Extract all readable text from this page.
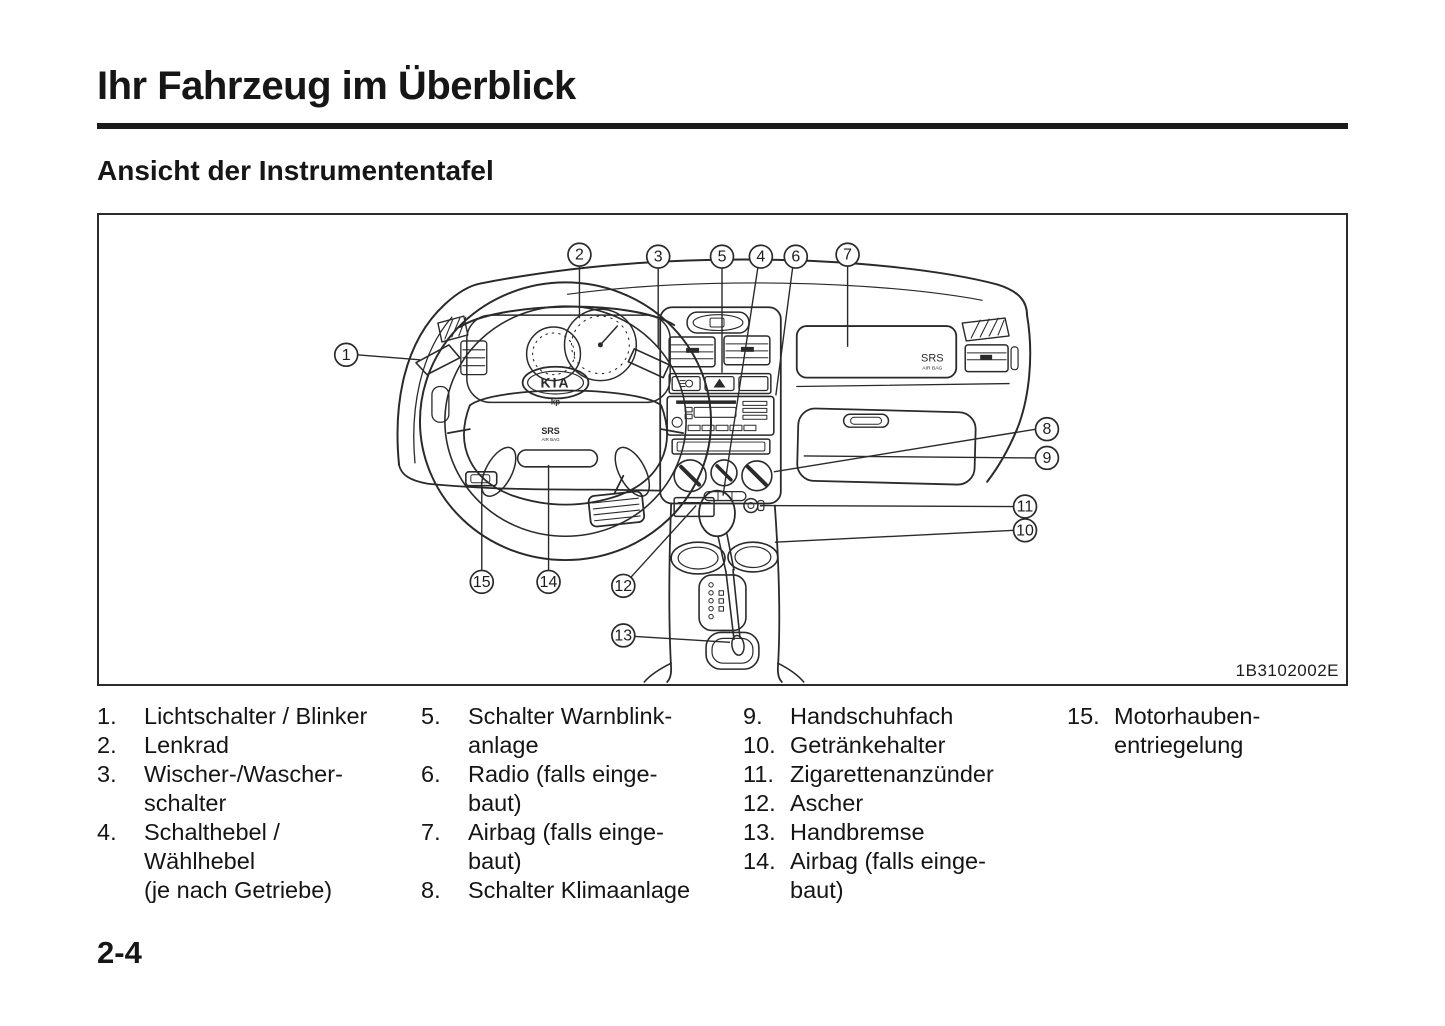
Ihr Fahrzeug im Überblick
Ansicht der Instrumententafel
KIA
kp
SRS
AIR BAG
SRS
AIR BAG
1
2	3	5 4 6	7
8
9
11
10
12
13
14
15
1B3102002E
1.	Lichtschalter / Blinker
2.	Lenkrad
3.	Wischer-/Wascher-
schalter
4.	Schalthebel /
Wählhebel
(je nach Getriebe)
5.	Schalter Warnblink-
anlage
6.	Radio (falls einge-
baut)
7.	Airbag (falls einge-
baut)
8.	Schalter Klimaanlage
9.	Handschuhfach
10. Getränkehalter
11. Zigarettenanzünder
12. Ascher
13. Handbremse
14. Airbag (falls einge-
baut)
15. Motorhauben-
entriegelung
2-4
